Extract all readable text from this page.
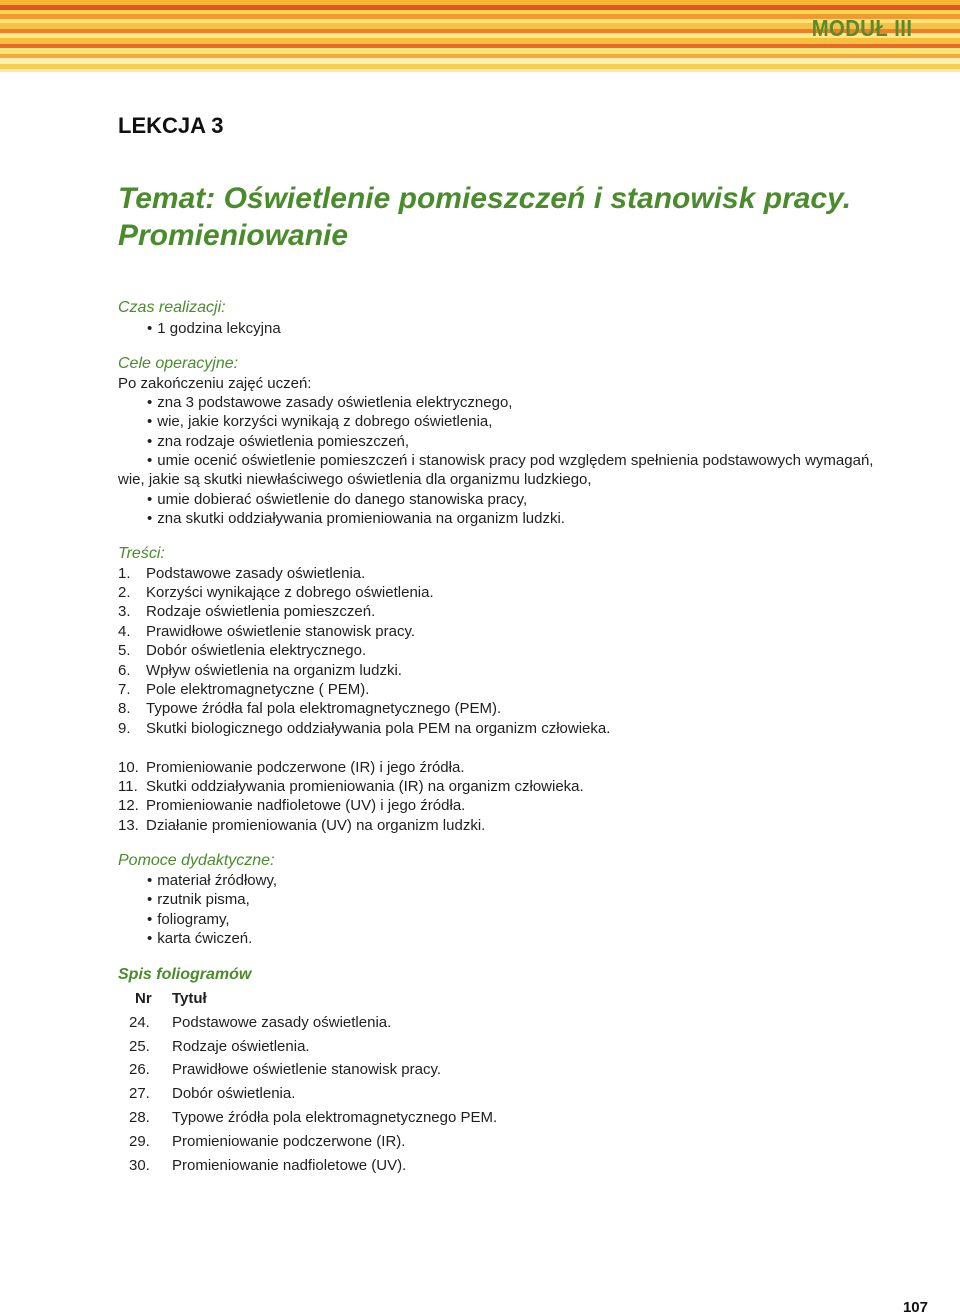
MODUŁ III
LEKCJA 3
Temat: Oświetlenie pomieszczeń i stanowisk pracy.
Promieniowanie
Czas realizacji:
• 1 godzina lekcyjna
Cele operacyjne:
Po zakończeniu zajęć uczeń:
• zna 3 podstawowe zasady oświetlenia elektrycznego,
• wie, jakie korzyści wynikają z dobrego oświetlenia,
• zna rodzaje oświetlenia pomieszczeń,
• umie ocenić oświetlenie pomieszczeń i stanowisk pracy pod względem spełnienia podstawowych wymagań,
wie, jakie są skutki niewłaściwego oświetlenia dla organizmu ludzkiego,
• umie dobierać oświetlenie do danego stanowiska pracy,
• zna skutki oddziaływania promieniowania na organizm ludzki.
Treści:
1. Podstawowe zasady oświetlenia.
2. Korzyści wynikające z dobrego oświetlenia.
3. Rodzaje oświetlenia pomieszczeń.
4. Prawidłowe oświetlenie stanowisk pracy.
5. Dobór oświetlenia elektrycznego.
6. Wpływ oświetlenia na organizm ludzki.
7. Pole elektromagnetyczne ( PEM).
8. Typowe źródła fal pola elektromagnetycznego (PEM).
9. Skutki biologicznego oddziaływania pola PEM na organizm człowieka.
10. Promieniowanie podczerwone (IR) i jego źródła.
11. Skutki oddziaływania promieniowania (IR) na organizm człowieka.
12. Promieniowanie nadfioletowe (UV) i jego źródła.
13. Działanie promieniowania (UV) na organizm ludzki.
Pomoce dydaktyczne:
• materiał źródłowy,
• rzutnik pisma,
• foliogramy,
• karta ćwiczeń.
Spis foliogramów
Nr Tytuł
24. Podstawowe zasady oświetlenia.
25. Rodzaje oświetlenia.
26. Prawidłowe oświetlenie stanowisk pracy.
27. Dobór oświetlenia.
28. Typowe źródła pola elektromagnetycznego PEM.
29. Promieniowanie podczerwone (IR).
30. Promieniowanie nadfioletowe (UV).
107
